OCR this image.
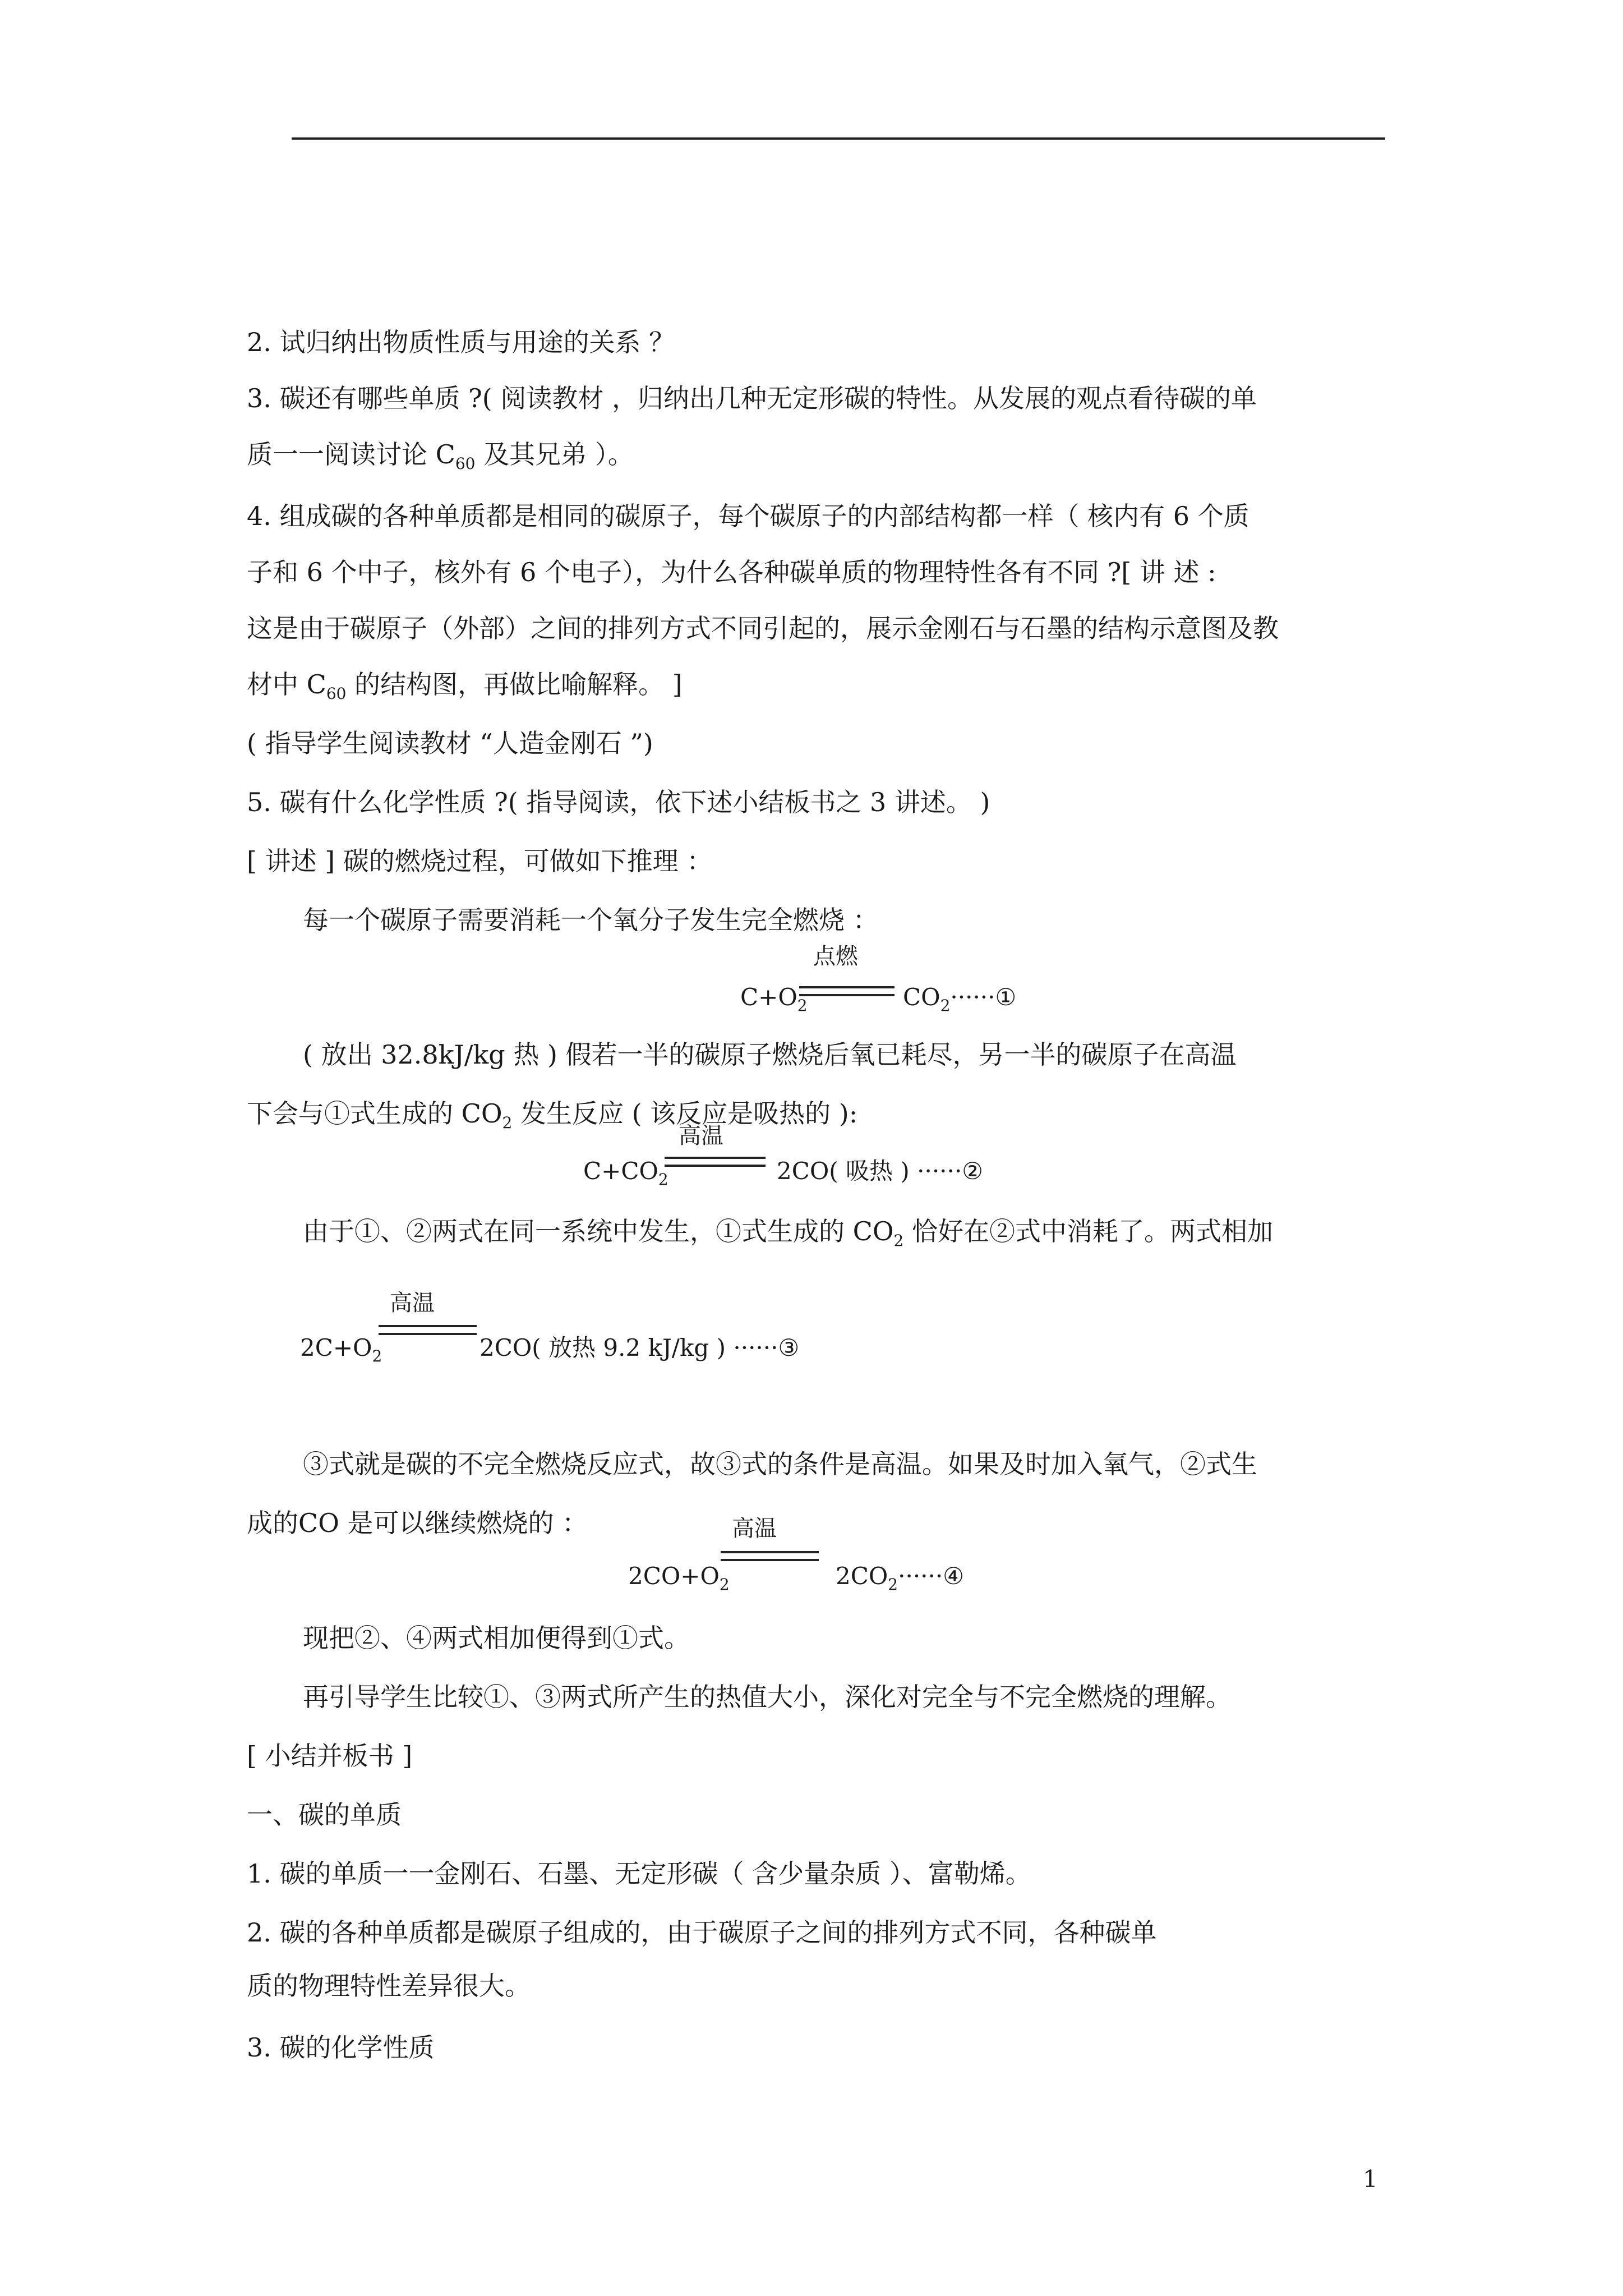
2. 试归纳出物质性质与用途的关系 ？
3. 碳还有哪些单质 ?( 阅读教材 ，归纳出几种无定形碳的特性。从发展的观点看待碳的单
质一一阅读讨论 $C_{60}$ 及其兄弟 ）。
4. 组成碳的各种单质都是相同的碳原子，每个碳原子的内部结构都一样（ 核内有 6 个质
子和 6 个中子，核外有 6 个电子），为什么各种碳单质的物理特性各有不同 ?[ 讲 述 :
这是由于碳原子（外部）之间的排列方式不同引起的，展示金刚石与石墨的结构示意图及教
材中 $C_{60}$ 的结构图，再做比喻解释。 ]
( 指导学生阅读教材 “人造金刚石 ”)
5. 碳有什么化学性质 ?( 指导阅读，依下述小结板书之 3 讲述。 )
[ 讲述 ] 碳的燃烧过程，可做如下推理 ：
每一个碳原子需要消耗一个氧分子发生完全燃烧 ：
点燃
$C+O_2$	$CO_2\cdot\cdot\cdot\cdot\cdot\cdot ①$
( 放出 32.8kJ/kg 热 ) 假若一半的碳原子燃烧后氧已耗尽，另一半的碳原子在高温
下会与①式生成的 $CO_2$ 发生反应 ( 该反应是吸热的 ):
高温
$C+CO_2$	2CO( 吸热 ) ······②
由于①、②两式在同一系统中发生，①式生成的 $CO_2$ 恰好在②式中消耗了。两式相加
高温
$2C+O_2$	2CO( 放热 9.2 kJ/kg ) ······③
③式就是碳的不完全燃烧反应式，故③式的条件是高温。如果及时加入氧气，②式生
成的CO 是可以继续燃烧的 ：	高温
$2CO+O_2$	$2CO_2\cdot\cdot\cdot\cdot\cdot\cdot ④$
现把②、④两式相加便得到①式。
再引导学生比较①、③两式所产生的热值大小，深化对完全与不完全燃烧的理解。
[ 小结并板书 ]
一、碳的单质
1. 碳的单质一一金刚石、石墨、无定形碳（ 含少量杂质 ）、富勒烯。
2. 碳的各种单质都是碳原子组成的，由于碳原子之间的排列方式不同，各种碳单
质的物理特性差异很大。
3. 碳的化学性质
1
